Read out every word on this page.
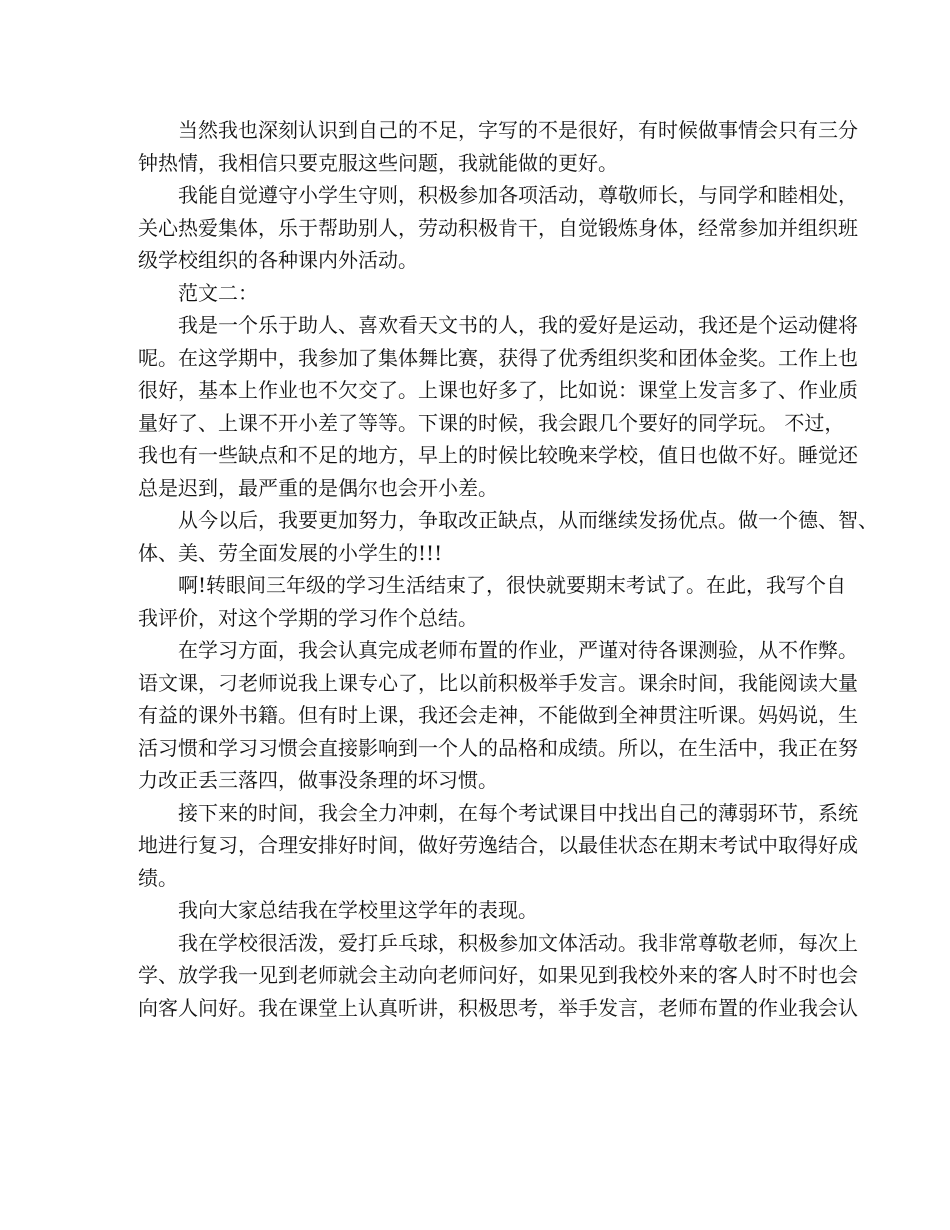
当然我也深刻认识到自己的不足，字写的不是很好，有时候做事情会只有三分
钟热情，我相信只要克服这些问题，我就能做的更好。
我能自觉遵守小学生守则，积极参加各项活动，尊敬师长，与同学和睦相处，
关心热爱集体，乐于帮助别人，劳动积极肯干，自觉锻炼身体，经常参加并组织班
级学校组织的各种课内外活动。
范文二：
我是一个乐于助人、喜欢看天文书的人，我的爱好是运动，我还是个运动健将
呢。在这学期中，我参加了集体舞比赛，获得了优秀组织奖和团体金奖。工作上也
很好，基本上作业也不欠交了。上课也好多了，比如说：课堂上发言多了、作业质
量好了、上课不开小差了等等。下课的时候，我会跟几个要好的同学玩。 不过，
我也有一些缺点和不足的地方，早上的时候比较晚来学校，值日也做不好。睡觉还
总是迟到，最严重的是偶尔也会开小差。
从今以后，我要更加努力，争取改正缺点，从而继续发扬优点。做一个德、智、
体、美、劳全面发展的小学生的!!!
啊!转眼间三年级的学习生活结束了，很快就要期末考试了。在此，我写个自
我评价，对这个学期的学习作个总结。
在学习方面，我会认真完成老师布置的作业，严谨对待各课测验，从不作弊。
语文课，刁老师说我上课专心了，比以前积极举手发言。课余时间，我能阅读大量
有益的课外书籍。但有时上课，我还会走神，不能做到全神贯注听课。妈妈说，生
活习惯和学习习惯会直接影响到一个人的品格和成绩。所以，在生活中，我正在努
力改正丢三落四，做事没条理的坏习惯。
接下来的时间，我会全力冲刺，在每个考试课目中找出自己的薄弱环节，系统
地进行复习，合理安排好时间，做好劳逸结合，以最佳状态在期末考试中取得好成
绩。
我向大家总结我在学校里这学年的表现。
我在学校很活泼，爱打乒乓球，积极参加文体活动。我非常尊敬老师，每次上
学、放学我一见到老师就会主动向老师问好，如果见到我校外来的客人时不时也会
向客人问好。我在课堂上认真听讲，积极思考，举手发言，老师布置的作业我会认
